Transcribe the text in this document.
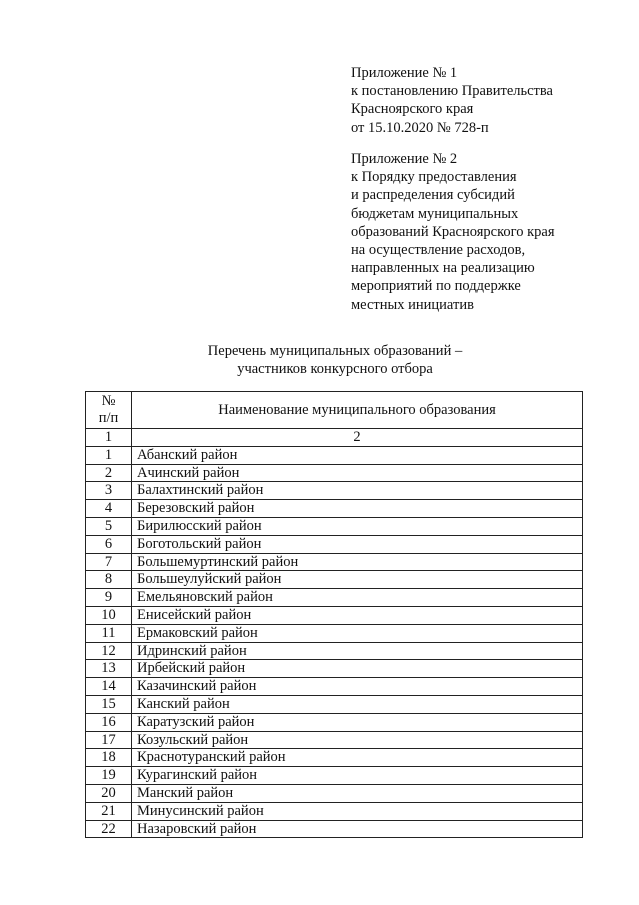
Приложение № 1
к постановлению Правительства
Красноярского края
от 15.10.2020 № 728-п
Приложение № 2
к Порядку предоставления
и распределения субсидий
бюджетам муниципальных
образований Красноярского края
на осуществление расходов,
направленных на реализацию
мероприятий по поддержке
местных инициатив
Перечень муниципальных образований –
участников конкурсного отбора
№
п/п	Наименование муниципального образования
1	2
1	Абанский район
2	Ачинский район
3	Балахтинский район
4	Березовский район
5	Бирилюсский район
6	Боготольский район
7	Большемуртинский район
8	Большеулуйский район
9	Емельяновский район
10	Енисейский район
11	Ермаковский район
12	Идринский район
13	Ирбейский район
14	Казачинский район
15	Канский район
16	Каратузский район
17	Козульский район
18	Краснотуранский район
19	Курагинский район
20	Манский район
21	Минусинский район
22	Назаровский район
